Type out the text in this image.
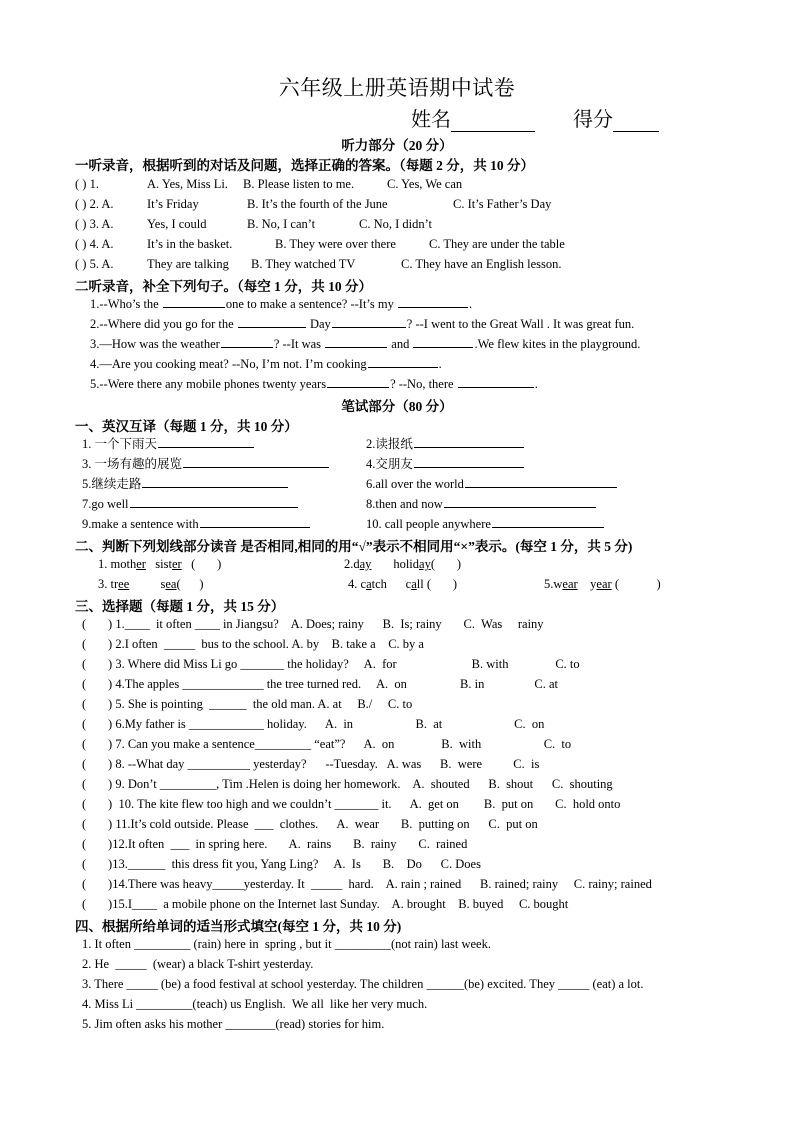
六年级上册英语期中试卷
姓名	得分
听力部分（20 分）
一听录音，根据听到的对话及问题，选择正确的答案。（每题 2 分，共 10 分）
( ) 1.	A. Yes, Miss Li. B. Please listen to me.	C. Yes, We can
( ) 2. A.	It’s Friday	B. It’s the fourth of the June	C. It’s Father’s Day
( ) 3. A.	Yes, I could	B. No, I can’t	C. No, I didn’t
( ) 4. A.	It’s in the basket.	B. They were over there	C. They are under the table
( ) 5. A.	They are talking B. They watched TV	C. They have an English lesson.
二听录音，补全下列句子。（每空 1 分，共 10 分）
1.--Who’s the	one to make a sentence? --It’s my	.
2.--Where did you go for the	Day	? --I went to the Great Wall . It was great fun.
3.—How was the weather	? --It was	and	.We flew kites in the playground.
4.—Are you cooking meat? --No, I’m not. I’m cooking	.
5.--Were there any mobile phones twenty years	? --No, there	.
笔试部分（80 分）
一、英汉互译（每题 1 分，共 10 分）
1. 一个下雨天	2.读报纸
3. 一场有趣的展览	4.交朋友
5.继续走路	6.all over the world
7.go well	8.then and now
9.make a sentence with	10. call people anywhere
二、判断下列划线部分读音 是否相同,相同的用“√”表示不相同用“×”表示。(每空 1 分，共 5 分)
1. mother   sister   (       )	2.day       holiday(       )
3. tree          sea(      )	4. catch      call (       )	5.wear    year (            )
三、选择题（每题 1 分，共 15 分）
(       ) 1.____  it often ____ in Jiangsu?    A. Does; rainy      B.  Is; rainy       C.  Was     rainy
(       ) 2.I often  _____  bus to the school. A. by    B. take a    C. by a
(       ) 3. Where did Miss Li go _______ the holiday?     A.  for                        B. with               C. to
(       ) 4.The apples _____________ the tree turned red.     A.  on                 B. in                C. at
(       ) 5. She is pointing  ______  the old man. A. at     B./     C. to
(       ) 6.My father is ____________ holiday.      A.  in                    B.  at                       C.  on
(       ) 7. Can you make a sentence_________ “eat”?      A.  on               B.  with                    C.  to
(       ) 8. --What day __________ yesterday?      --Tuesday.   A. was      B.  were          C.  is
(       ) 9. Don’t _________, Tim .Helen is doing her homework.    A.  shouted      B.  shout      C.  shouting
(       )  10. The kite flew too high and we couldn’t _______ it.      A.  get on        B.  put on       C.  hold onto
(       ) 11.It’s cold outside. Please  ___  clothes.      A.  wear       B.  putting on      C.  put on
(       )12.It often  ___  in spring here.       A.  rains       B.  rainy       C.  rained
(       )13.______  this dress fit you, Yang Ling?     A.  Is       B.    Do      C. Does
(       )14.There was heavy_____yesterday. It  _____  hard.    A. rain ; rained      B. rained; rainy     C. rainy; rained
(       )15.I____  a mobile phone on the Internet last Sunday.    A. brought    B. buyed     C. bought
四、根据所给单词的适当形式填空(每空 1 分，共 10 分)
1. It often _________ (rain) here in  spring , but it _________(not rain) last week.
2. He  _____  (wear) a black T-shirt yesterday.
3. There _____ (be) a food festival at school yesterday. The children ______(be) excited. They _____ (eat) a lot.
4. Miss Li _________(teach) us English.  We all  like her very much.
5. Jim often asks his mother ________(read) stories for him.
